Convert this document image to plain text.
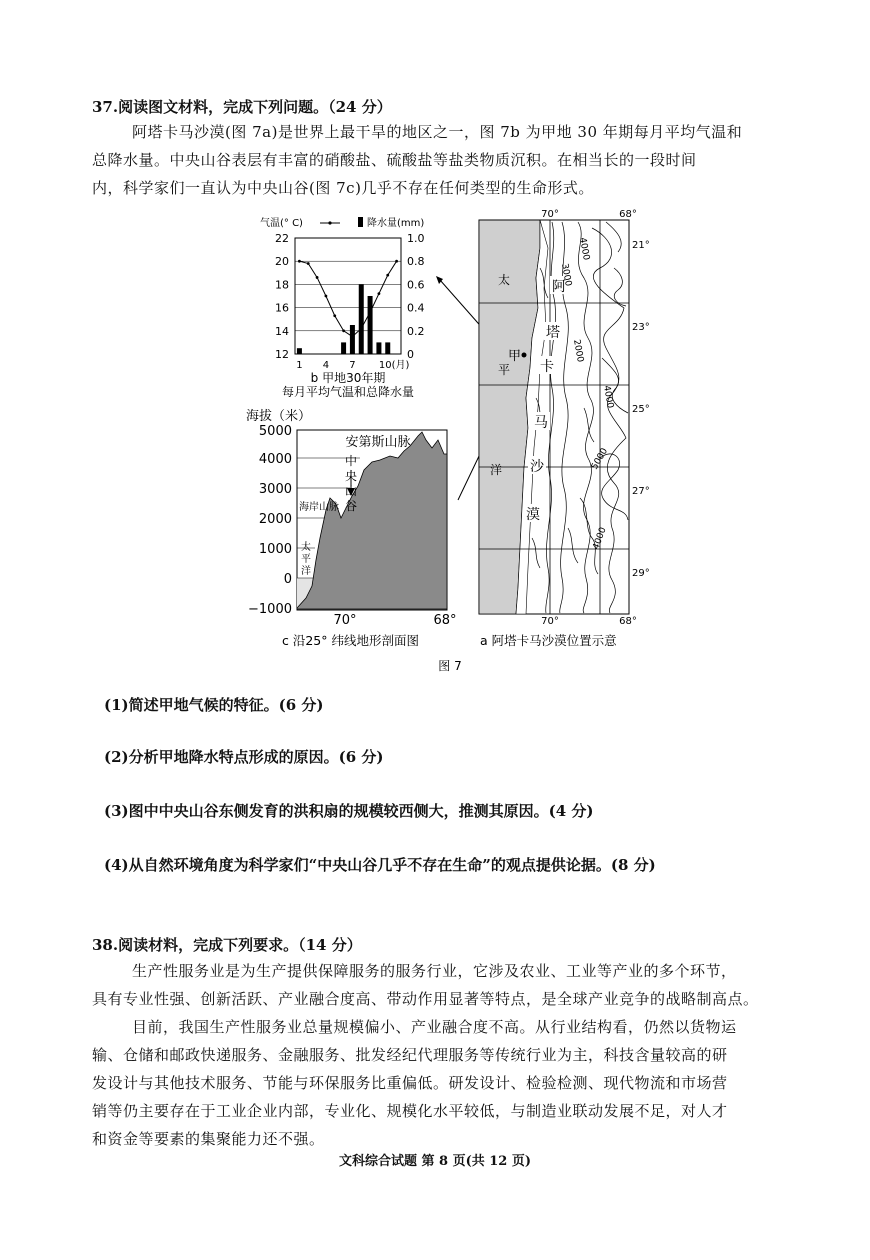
37.阅读图文材料，完成下列问题。（24 分）
阿塔卡马沙漠(图 7a)是世界上最干旱的地区之一，图 7b 为甲地 30 年期每月平均气温和
总降水量。中央山谷表层有丰富的硝酸盐、硫酸盐等盐类物质沉积。在相当长的一段时间
内，科学家们一直认为中央山谷(图 7c)几乎不存在任何类型的生命形式。
气温(° C)	降水量(mm)
22
20
18
16
14
12
1.0
0.8
0.6
0.4
0.2
0
1 4 7 10(月)
b 甲地30年期
每月平均气温和总降水量
海拔（米）
5000
4000
3000
2000
1000
0
−1000
安第斯山脉
中
央
山
谷
海岸山脉
太
平
洋
70°	68°
c 沿25° 纬线地形剖面图
70°	68°
21°
23°
25°
27°
29°
70°	68°
太
平
洋
阿
塔
卡
马
沙
漠
甲
3000
4000
2000
4000
5000
4000
a 阿塔卡马沙漠位置示意
图 7
(1)简述甲地气候的特征。(6 分)
(2)分析甲地降水特点形成的原因。(6 分)
(3)图中中央山谷东侧发育的洪积扇的规模较西侧大，推测其原因。(4 分)
(4)从自然环境角度为科学家们“中央山谷几乎不存在生命”的观点提供论据。(8 分)
38.阅读材料，完成下列要求。（14 分）
生产性服务业是为生产提供保障服务的服务行业，它涉及农业、工业等产业的多个环节，
具有专业性强、创新活跃、产业融合度高、带动作用显著等特点，是全球产业竞争的战略制高点。
目前，我国生产性服务业总量规模偏小、产业融合度不高。从行业结构看，仍然以货物运
输、仓储和邮政快递服务、金融服务、批发经纪代理服务等传统行业为主，科技含量较高的研
发设计与其他技术服务、节能与环保服务比重偏低。研发设计、检验检测、现代物流和市场营
销等仍主要存在于工业企业内部，专业化、规模化水平较低，与制造业联动发展不足，对人才
和资金等要素的集聚能力还不强。
文科综合试题 第 8 页(共 12 页)
